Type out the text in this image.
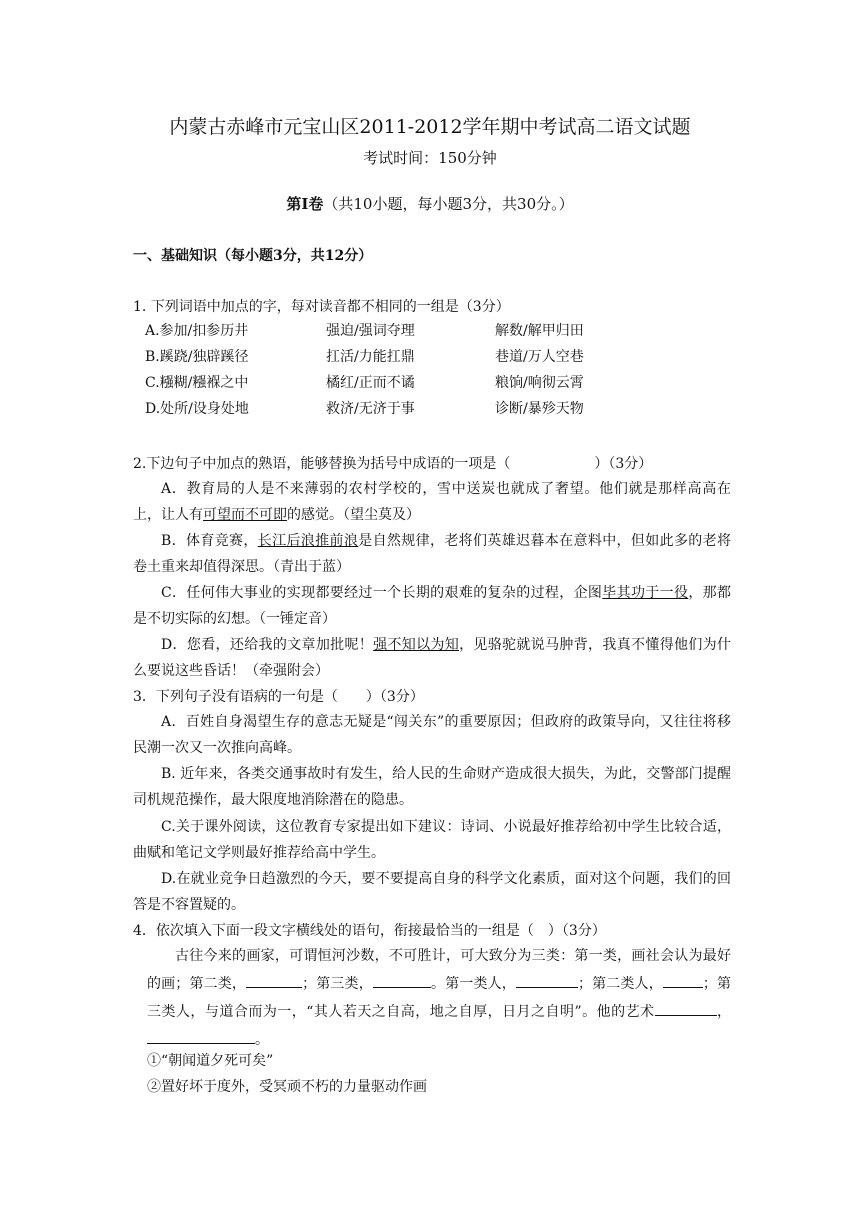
内蒙古赤峰市元宝山区2011-2012学年期中考试高二语文试题
考试时间：150分钟
第Ⅰ卷（共10小题，每小题3分，共30分。）
一、基础知识（每小题3分，共12分）
1. 下列词语中加点的字，每对读音都不相同的一组是（3分）
A.参加/扣参历井	强迫/强词夺理	解数/解甲归田
B.蹊跷/独辟蹊径	扛活/力能扛鼎	巷道/万人空巷
C.糨糊/糨褓之中	橘红/正而不谲	粮饷/响彻云霄
D.处所/设身处地	救济/无济于事	诊断/暴殄天物
2.下边句子中加点的熟语，能够替换为括号中成语的一项是（　　　　　　）（3分）
A．教育局的人是不来薄弱的农村学校的，雪中送炭也就成了奢望。他们就是那样高高在上，让人有可望而不可即的感觉。（望尘莫及）
B．体育竞赛，长江后浪推前浪是自然规律，老将们英雄迟暮本在意料中，但如此多的老将卷土重来却值得深思。（青出于蓝）
C．任何伟大事业的实现都要经过一个长期的艰难的复杂的过程，企图毕其功于一役，那都是不切实际的幻想。（一锤定音）
D．您看，还给我的文章加批呢！强不知以为知，见骆驼就说马肿背，我真不懂得他们为什么要说这些昏话！（牵强附会）
3．下列句子没有语病的一句是（　　）（3分）
A．百姓自身渴望生存的意志无疑是“闯关东”的重要原因；但政府的政策导向，又往往将移民潮一次又一次推向高峰。
B. 近年来，各类交通事故时有发生，给人民的生命财产造成很大损失，为此，交警部门提醒司机规范操作，最大限度地消除潜在的隐患。
C.关于课外阅读，这位教育专家提出如下建议：诗词、小说最好推荐给初中学生比较合适，曲赋和笔记文学则最好推荐给高中学生。
D.在就业竞争日趋激烈的今天，要不要提高自身的科学文化素质，面对这个问题，我们的回答是不容置疑的。
4．依次填入下面一段文字横线处的语句，衔接最恰当的一组是（　）（3分）
古往今来的画家，可谓恒河沙数，不可胜计，可大致分为三类：第一类，画社会认为最好的画；第二类，	；第三类，	。第一类人，	；第二类人，	；第三类人，与道合而为一，“其人若天之自高，地之自厚，日月之自明”。他的艺术	，。
①“朝闻道夕死可矣”
②置好坏于度外，受冥顽不朽的力量驱动作画
